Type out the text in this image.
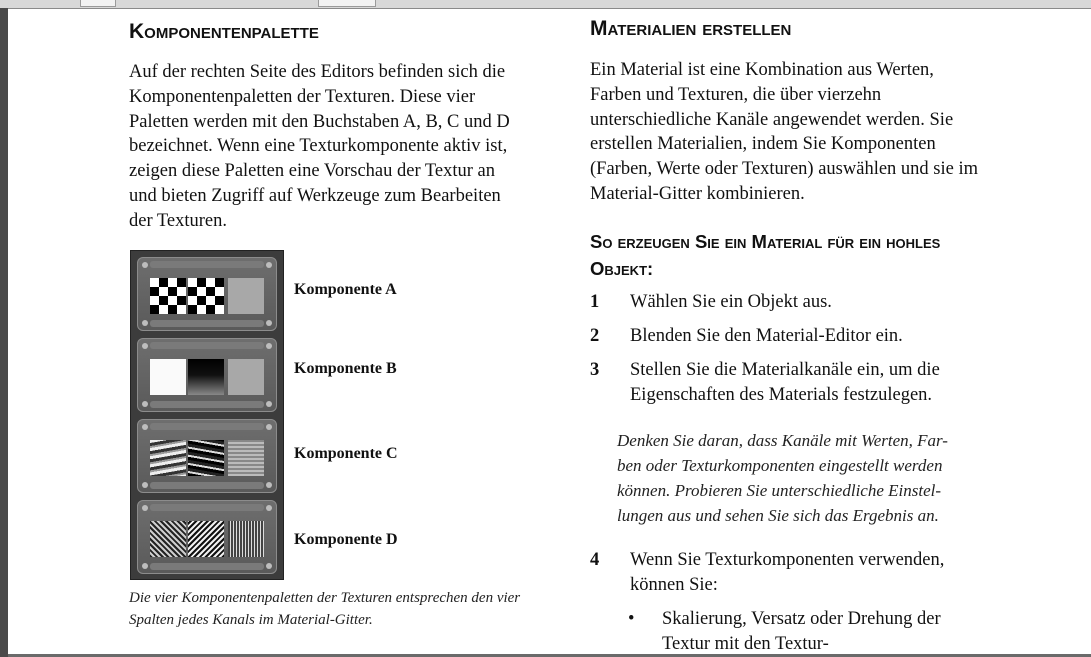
Komponentenpalette
Auf der rechten Seite des Editors befinden sich die
Komponentenpaletten der Texturen. Diese vier
Paletten werden mit den Buchstaben A, B, C und D
bezeichnet. Wenn eine Texturkomponente aktiv ist,
zeigen diese Paletten eine Vorschau der Textur an
und bieten Zugriff auf Werkzeuge zum Bearbeiten
der Texturen.
Komponente A
Komponente B
Komponente C
Komponente D
Die vier Komponentenpaletten der Texturen entsprechen den vier
Spalten jedes Kanals im Material-Gitter.
Materialien erstellen
Ein Material ist eine Kombination aus Werten,
Farben und Texturen, die über vierzehn
unterschiedliche Kanäle angewendet werden. Sie
erstellen Materialien, indem Sie Komponenten
(Farben, Werte oder Texturen) auswählen und sie im
Material-Gitter kombinieren.
So erzeugen Sie ein Material für ein hohles
Objekt:
1 Wählen Sie ein Objekt aus.
2 Blenden Sie den Material-Editor ein.
3 Stellen Sie die Materialkanäle ein, um die
Eigenschaften des Materials festzulegen.
Denken Sie daran, dass Kanäle mit Werten, Far-
ben oder Texturkomponenten eingestellt werden
können. Probieren Sie unterschiedliche Einstel-
lungen aus und sehen Sie sich das Ergebnis an.
4 Wenn Sie Texturkomponenten verwenden,
können Sie:
• Skalierung, Versatz oder Drehung der
Textur mit den Textur-
